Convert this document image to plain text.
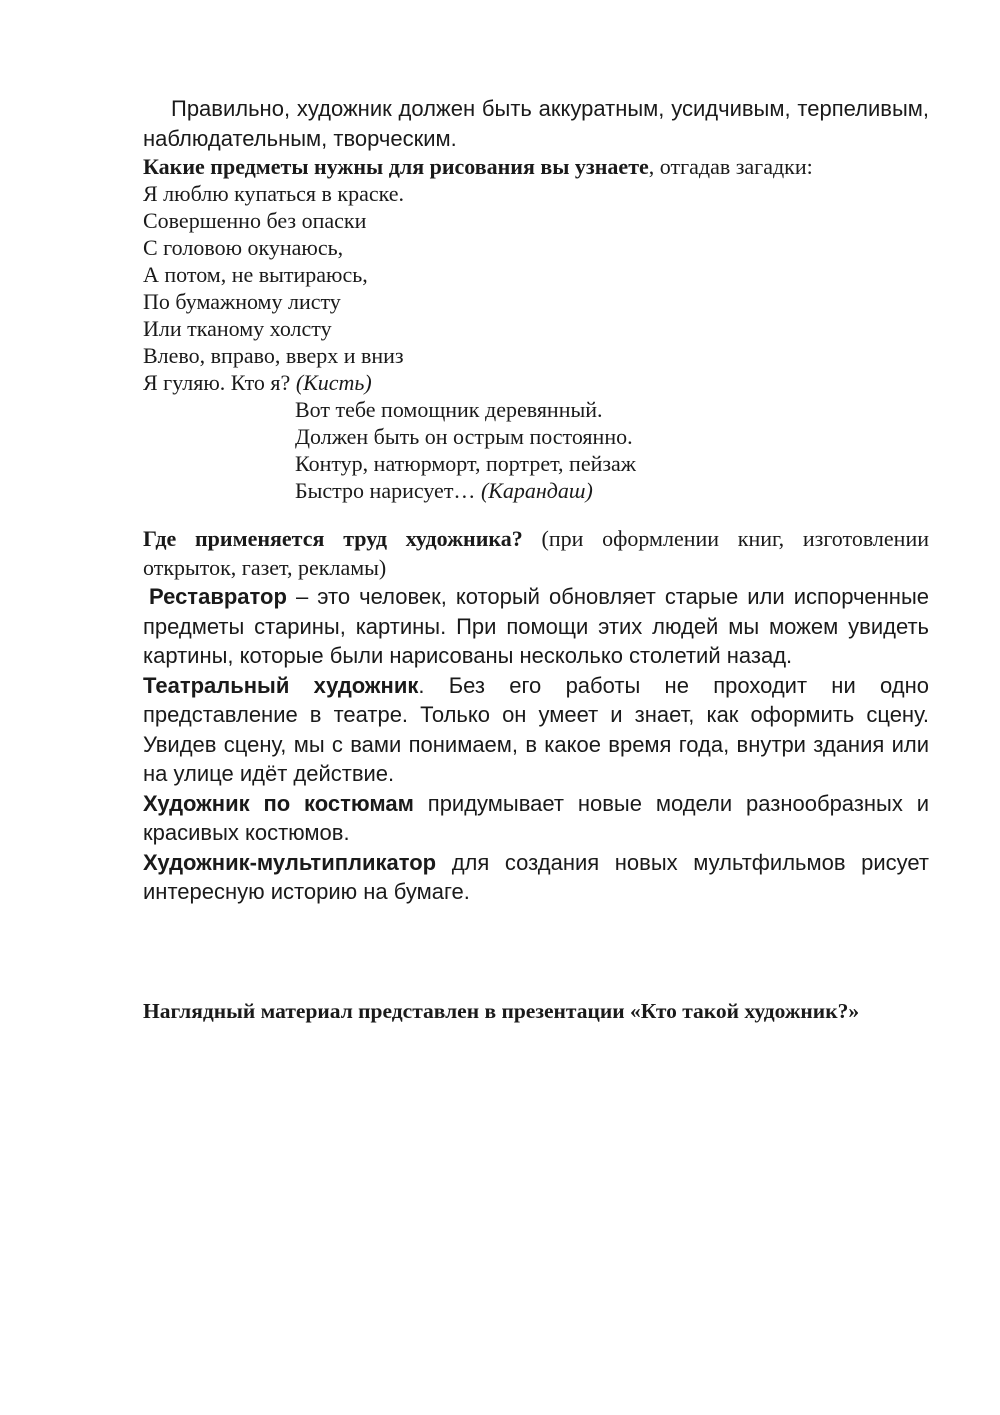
Правильно, художник должен быть аккуратным, усидчивым, терпеливым, наблюдательным, творческим.

Какие предметы нужны для рисования вы узнаете, отгадав загадки:

Я люблю купаться в краске.

Совершенно без опаски

С головою окунаюсь,

А потом, не вытираюсь,

По бумажному листу

Или тканому холсту

Влево, вправо, вверх и вниз

Я гуляю. Кто я? (Кисть)

Вот тебе помощник деревянный.

Должен быть он острым постоянно.

Контур, натюрморт, портрет, пейзаж

Быстро нарисует… (Карандаш)

Где применяется труд художника? (при оформлении книг, изготовлении открыток, газет, рекламы)

Реставратор – это человек, который обновляет старые или испорченные предметы старины, картины. При помощи этих людей мы можем увидеть картины, которые были нарисованы несколько столетий назад.

Театральный художник. Без его работы не проходит ни одно представление в театре. Только он умеет и знает, как оформить сцену. Увидев сцену, мы с вами понимаем, в какое время года, внутри здания или на улице идёт действие.

Художник по костюмам придумывает новые модели разнообразных и красивых костюмов.

Художник-мультипликатор для создания новых мультфильмов рисует интересную историю на бумаге.

Наглядный материал представлен в презентации «Кто такой художник?»
